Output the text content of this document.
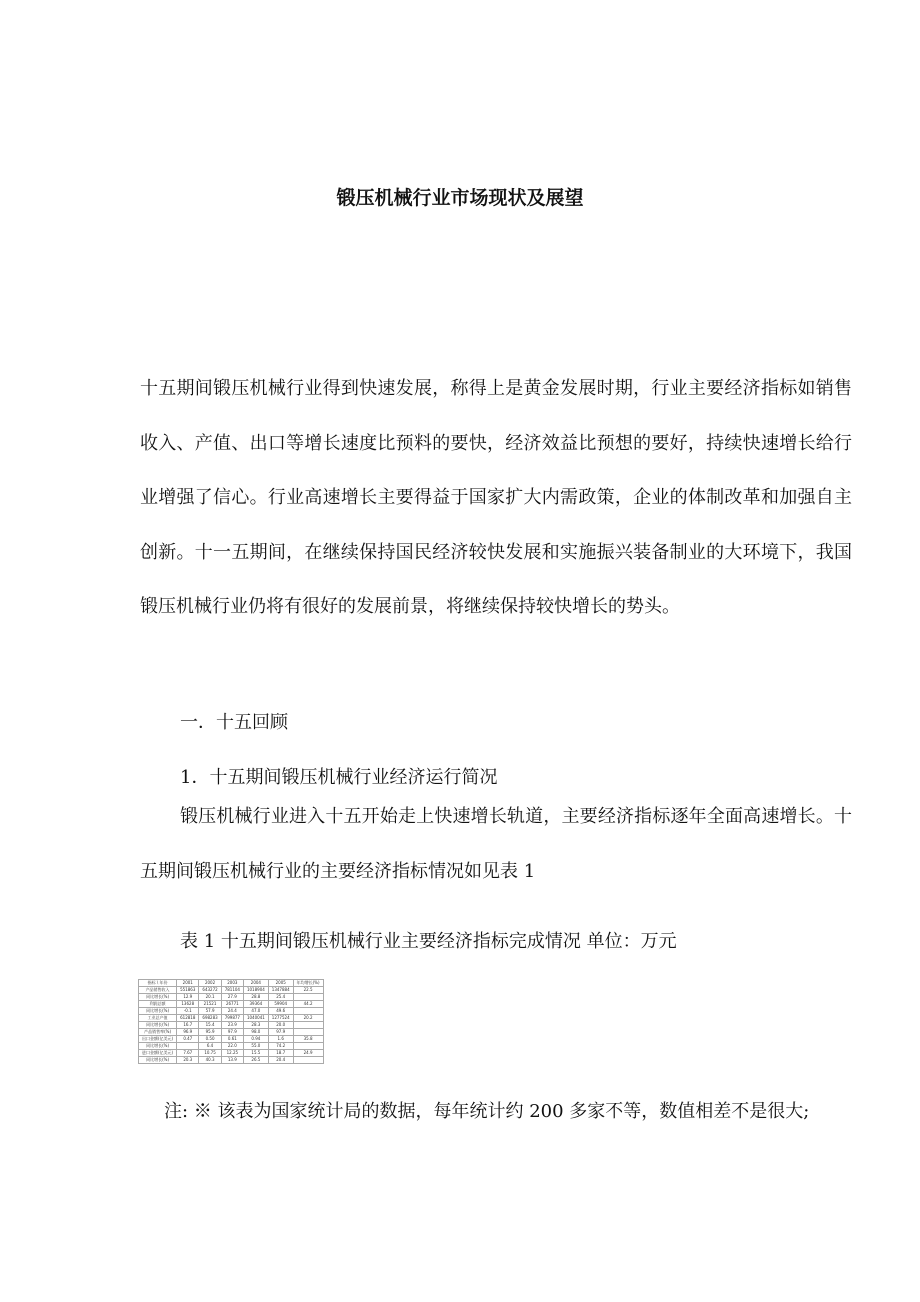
锻压机械行业市场现状及展望
十五期间锻压机械行业得到快速发展，称得上是黄金发展时期，行业主要经济指标如销售收入、产值、出口等增长速度比预料的要快，经济效益比预想的要好，持续快速增长给行业增强了信心。行业高速增长主要得益于国家扩大内需政策，企业的体制改革和加强自主创新。十一五期间，在继续保持国民经济较快发展和实施振兴装备制业的大环境下，我国锻压机械行业仍将有很好的发展前景，将继续保持较快增长的势头。
一．十五回顾
1．十五期间锻压机械行业经济运行简况
锻压机械行业进入十五开始走上快速增长轨道，主要经济指标逐年全面高速增长。十五期间锻压机械行业的主要经济指标情况如见表 1
表 1 十五期间锻压机械行业主要经济指标完成情况 单位：万元
指标 \ 年份	2001	2002	2003	2004	2005	年均增长(%)
产品销售收入	551863	643272	781104	1018904	1347884	22.5
同比增长(%)	12.9	20.1	27.9	28.8	25.4	
利润总额	13628	21521	26771	39364	59904	44.2
同比增长(%)	-0.1	57.9	24.4	47.0	49.6	
工业总产值	612818	698283	799877	1040041	1277524	20.2
同比增长(%)	16.7	15.4	23.9	28.3	20.0	
产品销售率(%)	96.9	95.9	97.9	98.0	97.9	
出口金额(亿美元)	0.47	0.50	0.61	0.94	1.6	35.8
同比增长(%)		6.4	22.0	55.0	74.2	
进口金额(亿美元)	7.67	10.75	12.25	15.5	18.7	24.9
同比增长(%)	20.3	40.3	13.9	26.5	20.4	
注: ※ 该表为国家统计局的数据，每年统计约 200 多家不等，数值相差不是很大;
